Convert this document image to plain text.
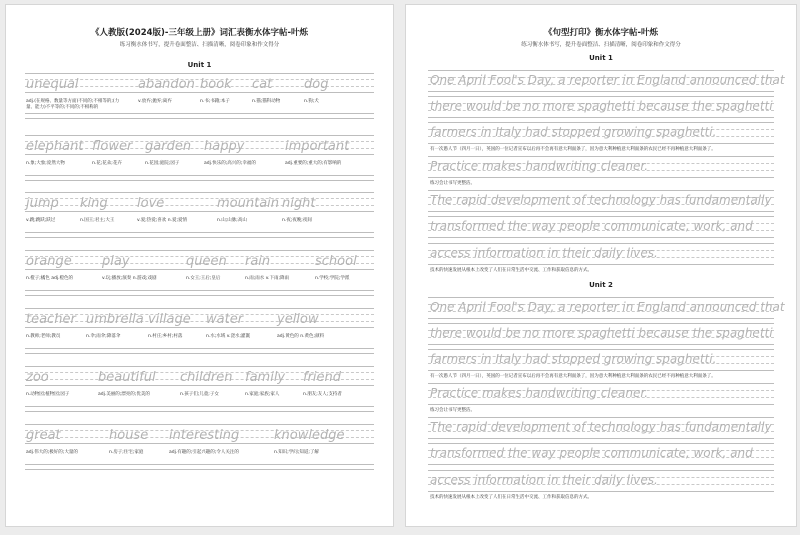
《人教版(2024版)-三年级上册》词汇表衡水体字帖-叶烁
练习衡水体书写，提升卷面整洁、扫描清晰，阅卷印象和作文得分
Unit 1
unequal
adj.(在规格、数量等方面)不同的;不相等的;(力量、能力)不平等的;不同的;不相称的
abandon
v.放弃;抛弃;离弃
book
n.书;书籍;本子
cat
n.猫;猫科动物
dog
n.狗;犬
elephant
n.象;大象;庞然大物
flower
n.花;花朵;花卉
garden
n.花园;庭院;园子
happy
adj.快乐的;高兴的;幸福的
important
adj.重要的;重大的;有影响的
jump
v.跳;跳跃;跃过
king
n.国王;君主;大王
love
v.爱;热爱;喜欢 n.爱;爱情
mountain
n.山;山脉;高山
night
n.夜;夜晚;夜间
orange
n.橙子;橘色 adj.橙色的
play
v.玩;播放;演奏 n.游戏;戏剧
queen
n.女王;王后;皇后
rain
n.雨;雨水 v.下雨;降雨
school
n.学校;学院;学派
teacher
n.教师;老师;教员
umbrella
n.伞;雨伞;降落伞
village
n.村庄;乡村;村落
water
n.水;水域 v.浇水;灌溉
yellow
adj.黄色的 n.黄色;颜料
zoo
n.动物园;植物园;园子
beautiful
adj.美丽的;漂亮的;优美的
children
n.孩子们;儿童;子女
family
n.家庭;家族;家人
friend
n.朋友;友人;支持者
great
adj.伟大的;极好的;大量的
house
n.房子;住宅;家庭
interesting
adj.有趣的;引起兴趣的;令人关注的
knowledge
n.知识;学问;知道;了解
《句型打印》衡水体字帖-叶烁
练习衡水体书写，提升卷面整洁、扫描清晰，阅卷印象和作文得分
Unit 1
One April Fool's Day, a reporter in England announced that
there would be no more spaghetti because the spaghetti
farmers in Italy had stopped growing spaghetti.
有一次愚人节（四月一日），英国的一位记者宣布以后再不会再有意大利面条了，因为意大利种植意大利面条的农民已经不再种植意大利面条了。
Practice makes handwriting cleaner.
练习会让书写更整洁。
The rapid development of technology has fundamentally
transformed the way people communicate, work, and
access information in their daily lives.
技术的快速发展从根本上改变了人们在日常生活中交流、工作和获取信息的方式。
Unit 2
One April Fool's Day, a reporter in England announced that
there would be no more spaghetti because the spaghetti
farmers in Italy had stopped growing spaghetti.
有一次愚人节（四月一日），英国的一位记者宣布以后再不会再有意大利面条了，因为意大利种植意大利面条的农民已经不再种植意大利面条了。
Practice makes handwriting cleaner.
练习会让书写更整洁。
The rapid development of technology has fundamentally
transformed the way people communicate, work, and
access information in their daily lives.
技术的快速发展从根本上改变了人们在日常生活中交流、工作和获取信息的方式。
